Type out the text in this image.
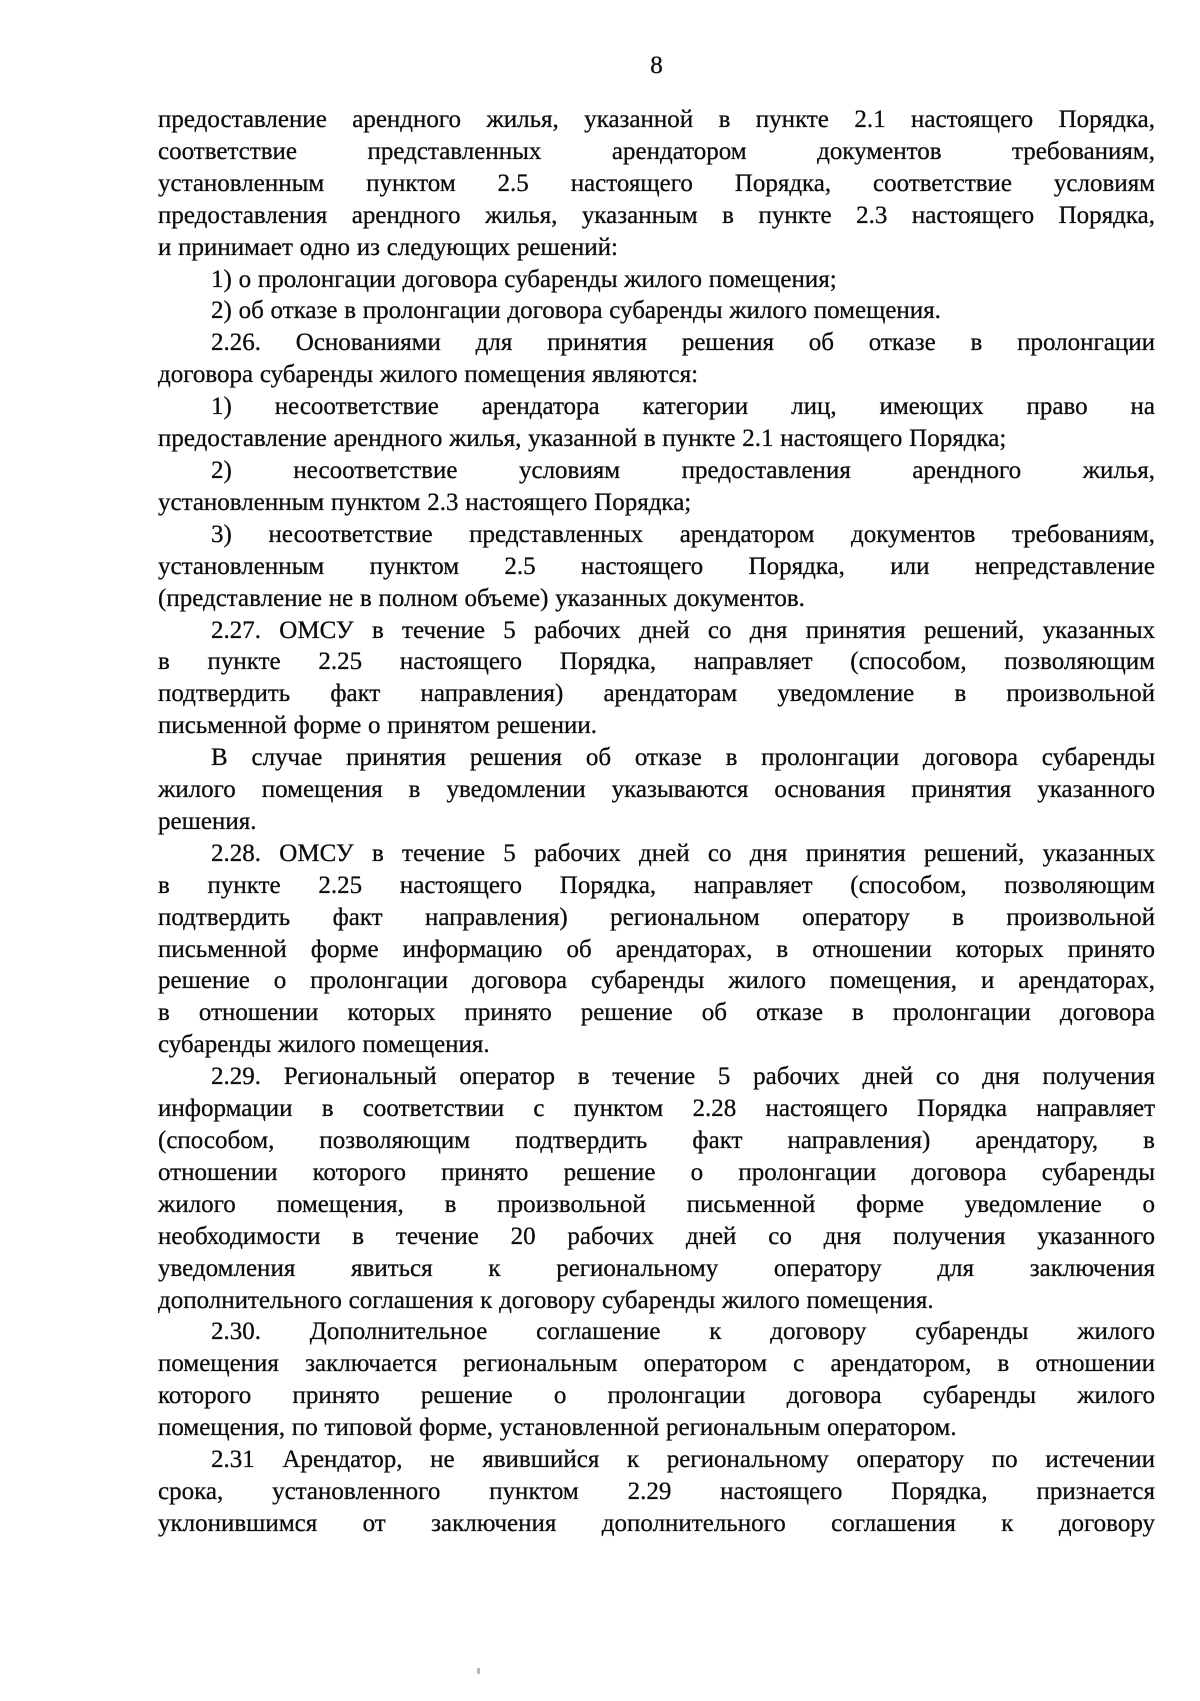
8
предоставление арендного жилья, указанной в пункте 2.1 настоящего Порядка,
соответствие представленных арендатором документов требованиям,
установленным пунктом 2.5 настоящего Порядка, соответствие условиям
предоставления арендного жилья, указанным в пункте 2.3 настоящего Порядка,
и принимает одно из следующих решений:
1) о пролонгации договора субаренды жилого помещения;
2) об отказе в пролонгации договора субаренды жилого помещения.
2.26. Основаниями для принятия решения об отказе в пролонгации
договора субаренды жилого помещения являются:
1) несоответствие арендатора категории лиц, имеющих право на
предоставление арендного жилья, указанной в пункте 2.1 настоящего Порядка;
2) несоответствие условиям предоставления арендного жилья,
установленным пунктом 2.3 настоящего Порядка;
3) несоответствие представленных арендатором документов требованиям,
установленным пунктом 2.5 настоящего Порядка, или непредставление
(представление не в полном объеме) указанных документов.
2.27. ОМСУ в течение 5 рабочих дней со дня принятия решений, указанных
в пункте 2.25 настоящего Порядка, направляет (способом, позволяющим
подтвердить факт направления) арендаторам уведомление в произвольной
письменной форме о принятом решении.
В случае принятия решения об отказе в пролонгации договора субаренды
жилого помещения в уведомлении указываются основания принятия указанного
решения.
2.28. ОМСУ в течение 5 рабочих дней со дня принятия решений, указанных
в пункте 2.25 настоящего Порядка, направляет (способом, позволяющим
подтвердить факт направления) региональном оператору в произвольной
письменной форме информацию об арендаторах, в отношении которых принято
решение о пролонгации договора субаренды жилого помещения, и арендаторах,
в отношении которых принято решение об отказе в пролонгации договора
субаренды жилого помещения.
2.29. Региональный оператор в течение 5 рабочих дней со дня получения
информации в соответствии с пунктом 2.28 настоящего Порядка направляет
(способом, позволяющим подтвердить факт направления) арендатору, в
отношении которого принято решение о пролонгации договора субаренды
жилого помещения, в произвольной письменной форме уведомление о
необходимости в течение 20 рабочих дней со дня получения указанного
уведомления явиться к региональному оператору для заключения
дополнительного соглашения к договору субаренды жилого помещения.
2.30. Дополнительное соглашение к договору субаренды жилого
помещения заключается региональным оператором с арендатором, в отношении
которого принято решение о пролонгации договора субаренды жилого
помещения, по типовой форме, установленной региональным оператором.
2.31 Арендатор, не явившийся к региональному оператору по истечении
срока, установленного пунктом 2.29 настоящего Порядка, признается
уклонившимся от заключения дополнительного соглашения к договору
